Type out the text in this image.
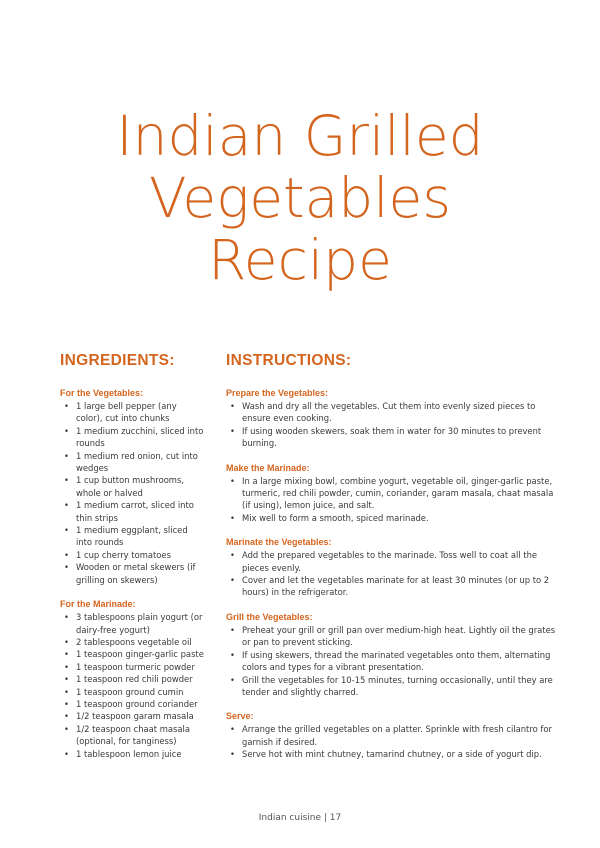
Indian Grilled
Vegetables
Recipe
INGREDIENTS:
For the Vegetables:
• 1 large bell pepper (any color), cut into chunks
• 1 medium zucchini, sliced into rounds
• 1 medium red onion, cut into wedges
• 1 cup button mushrooms, whole or halved
• 1 medium carrot, sliced into thin strips
• 1 medium eggplant, sliced into rounds
• 1 cup cherry tomatoes
• Wooden or metal skewers (if grilling on skewers)
For the Marinade:
• 3 tablespoons plain yogurt (or dairy-free yogurt)
• 2 tablespoons vegetable oil
• 1 teaspoon ginger-garlic paste
• 1 teaspoon turmeric powder
• 1 teaspoon red chili powder
• 1 teaspoon ground cumin
• 1 teaspoon ground coriander
• 1/2 teaspoon garam masala
• 1/2 teaspoon chaat masala (optional, for tanginess)
• 1 tablespoon lemon juice
INSTRUCTIONS:
Prepare the Vegetables:
• Wash and dry all the vegetables. Cut them into evenly sized pieces to ensure even cooking.
• If using wooden skewers, soak them in water for 30 minutes to prevent burning.
Make the Marinade:
• In a large mixing bowl, combine yogurt, vegetable oil, ginger-garlic paste, turmeric, red chili powder, cumin, coriander, garam masala, chaat masala (if using), lemon juice, and salt.
• Mix well to form a smooth, spiced marinade.
Marinate the Vegetables:
• Add the prepared vegetables to the marinade. Toss well to coat all the pieces evenly.
• Cover and let the vegetables marinate for at least 30 minutes (or up to 2 hours) in the refrigerator.
Grill the Vegetables:
• Preheat your grill or grill pan over medium-high heat. Lightly oil the grates or pan to prevent sticking.
• If using skewers, thread the marinated vegetables onto them, alternating colors and types for a vibrant presentation.
• Grill the vegetables for 10-15 minutes, turning occasionally, until they are tender and slightly charred.
Serve:
• Arrange the grilled vegetables on a platter. Sprinkle with fresh cilantro for garnish if desired.
• Serve hot with mint chutney, tamarind chutney, or a side of yogurt dip.
Indian cuisine | 17
